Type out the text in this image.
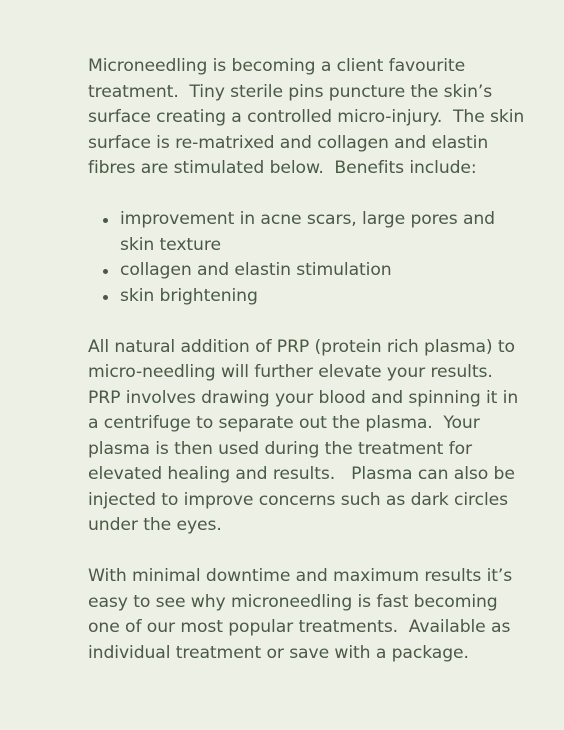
Microneedling is becoming a client favourite treatment.  Tiny sterile pins puncture the skin’s surface creating a controlled micro-injury.  The skin surface is re-matrixed and collagen and elastin fibres are stimulated below.  Benefits include:

improvement in acne scars, large pores and skin texture
collagen and elastin stimulation
skin brightening

All natural addition of PRP (protein rich plasma) to micro-needling will further elevate your results. PRP involves drawing your blood and spinning it in a centrifuge to separate out the plasma.  Your plasma is then used during the treatment for elevated healing and results.   Plasma can also be injected to improve concerns such as dark circles under the eyes.

With minimal downtime and maximum results it’s easy to see why microneedling is fast becoming one of our most popular treatments.  Available as individual treatment or save with a package.
